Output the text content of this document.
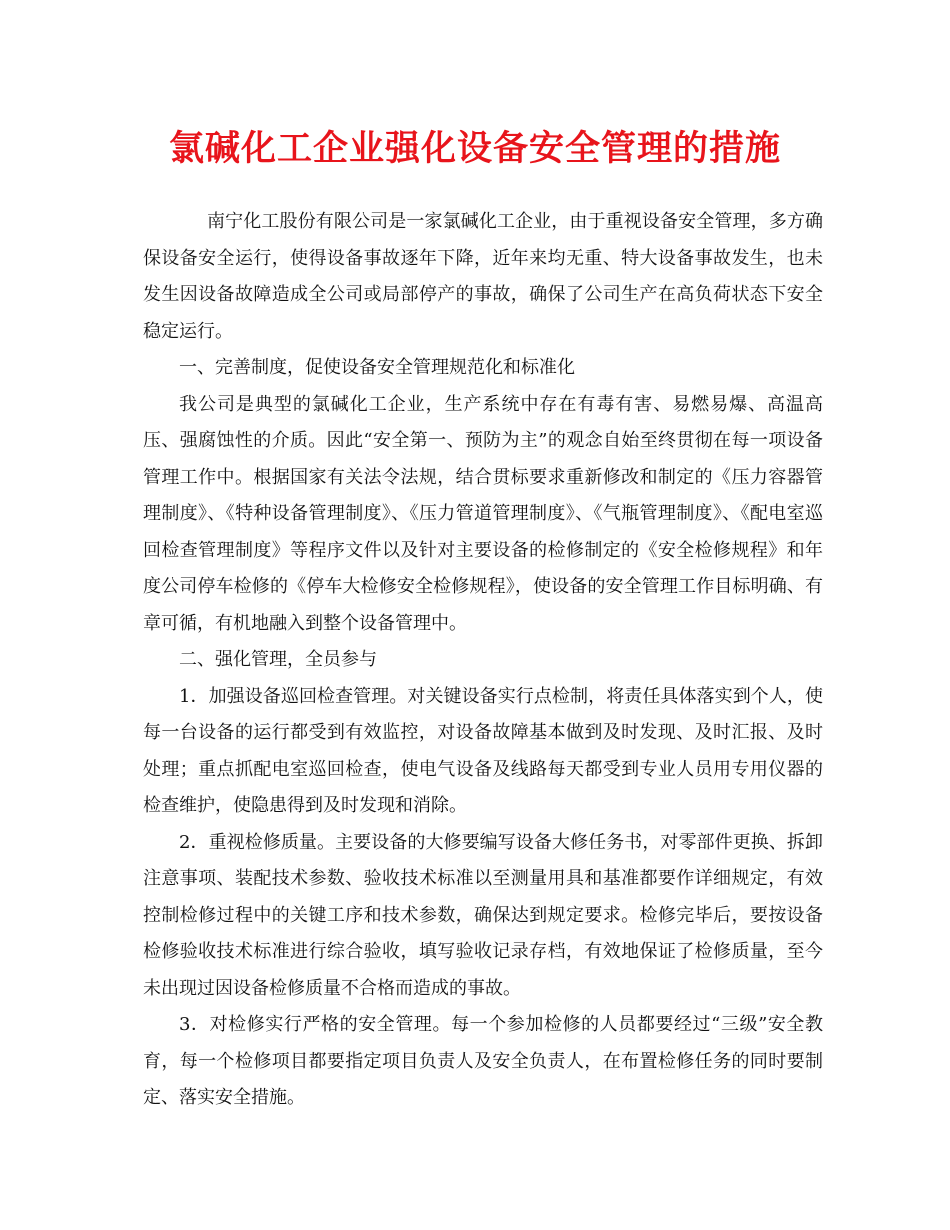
氯碱化工企业强化设备安全管理的措施

南宁化工股份有限公司是一家氯碱化工企业，由于重视设备安全管理，多方确保设备安全运行，使得设备事故逐年下降，近年来均无重、特大设备事故发生，也未发生因设备故障造成全公司或局部停产的事故，确保了公司生产在高负荷状态下安全稳定运行。

一、完善制度，促使设备安全管理规范化和标准化

我公司是典型的氯碱化工企业，生产系统中存在有毒有害、易燃易爆、高温高压、强腐蚀性的介质。因此“安全第一、预防为主”的观念自始至终贯彻在每一项设备管理工作中。根据国家有关法令法规，结合贯标要求重新修改和制定的《压力容器管理制度》、《特种设备管理制度》、《压力管道管理制度》、《气瓶管理制度》、《配电室巡回检查管理制度》等程序文件以及针对主要设备的检修制定的《安全检修规程》和年度公司停车检修的《停车大检修安全检修规程》，使设备的安全管理工作目标明确、有章可循，有机地融入到整个设备管理中。

二、强化管理，全员参与

1．加强设备巡回检查管理。对关键设备实行点检制，将责任具体落实到个人，使每一台设备的运行都受到有效监控，对设备故障基本做到及时发现、及时汇报、及时处理；重点抓配电室巡回检查，使电气设备及线路每天都受到专业人员用专用仪器的检查维护，使隐患得到及时发现和消除。

2．重视检修质量。主要设备的大修要编写设备大修任务书，对零部件更换、拆卸注意事项、装配技术参数、验收技术标准以至测量用具和基准都要作详细规定，有效控制检修过程中的关键工序和技术参数，确保达到规定要求。检修完毕后，要按设备检修验收技术标准进行综合验收，填写验收记录存档，有效地保证了检修质量，至今未出现过因设备检修质量不合格而造成的事故。

3．对检修实行严格的安全管理。每一个参加检修的人员都要经过“三级”安全教育，每一个检修项目都要指定项目负责人及安全负责人，在布置检修任务的同时要制定、落实安全措施。
